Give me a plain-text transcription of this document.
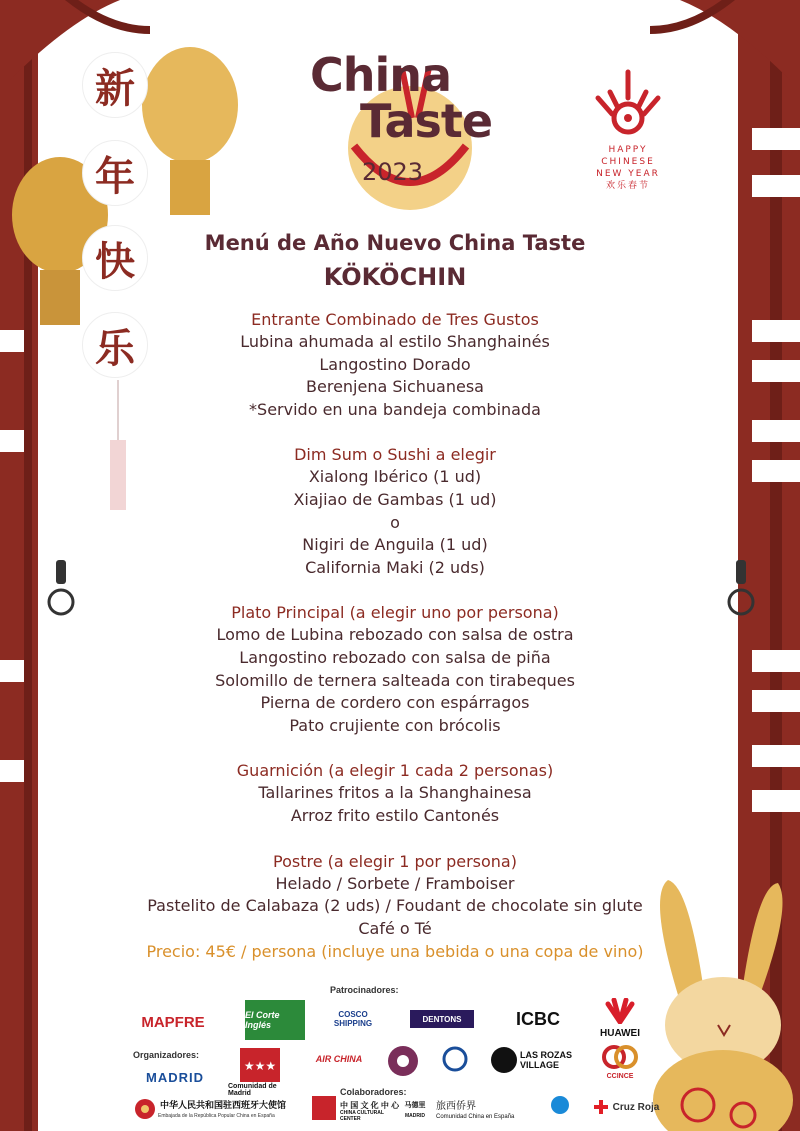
新
年
快
乐
China
Taste
2023
HAPPY
CHINESE
NEW YEAR
欢乐春节
Menú de Año Nuevo China Taste
KÖKÖCHIN
Entrante Combinado de Tres Gustos
Lubina ahumada al estilo Shanghainés
Langostino Dorado
Berenjena Sichuanesa
*Servido en una bandeja combinada
Dim Sum o Sushi a elegir
Xialong Ibérico (1 ud)
Xiajiao de Gambas (1 ud)
o
Nigiri de Anguila (1 ud)
California Maki (2 uds)
Plato Principal (a elegir uno por persona)
Lomo de Lubina rebozado con salsa de ostra
Langostino rebozado con salsa de piña
Solomillo de ternera salteada con tirabeques
Pierna de cordero con espárragos
Pato crujiente con brócolis
Guarnición (a elegir 1 cada 2 personas)
Tallarines fritos a la Shanghainesa
Arroz frito estilo Cantonés
Postre (a elegir 1 por persona)
Helado / Sorbete / Framboiser
Pastelito de Calabaza (2 uds) / Foudant de chocolate sin glute
Café o Té
Precio: 45€ / persona (incluye una bebida o una copa de vino)
Patrocinadores:
MAPFRE	El Corte Inglés
COSCO SHIPPING	DENTONS	ICBC
HUAWEI
Organizadores:
MADRID
★★★
Comunidad de Madrid
AIR CHINA	LAS ROZAS VILLAGE
CCINCE
Colaboradores:
中华人民共和国驻西班牙大使馆
Embajada de la República Popular China en España
中 国 文 化 中 心
CHINA CULTURAL CENTER
马德里
MADRID
旅西侨界
Comunidad China en España
Cruz Roja
